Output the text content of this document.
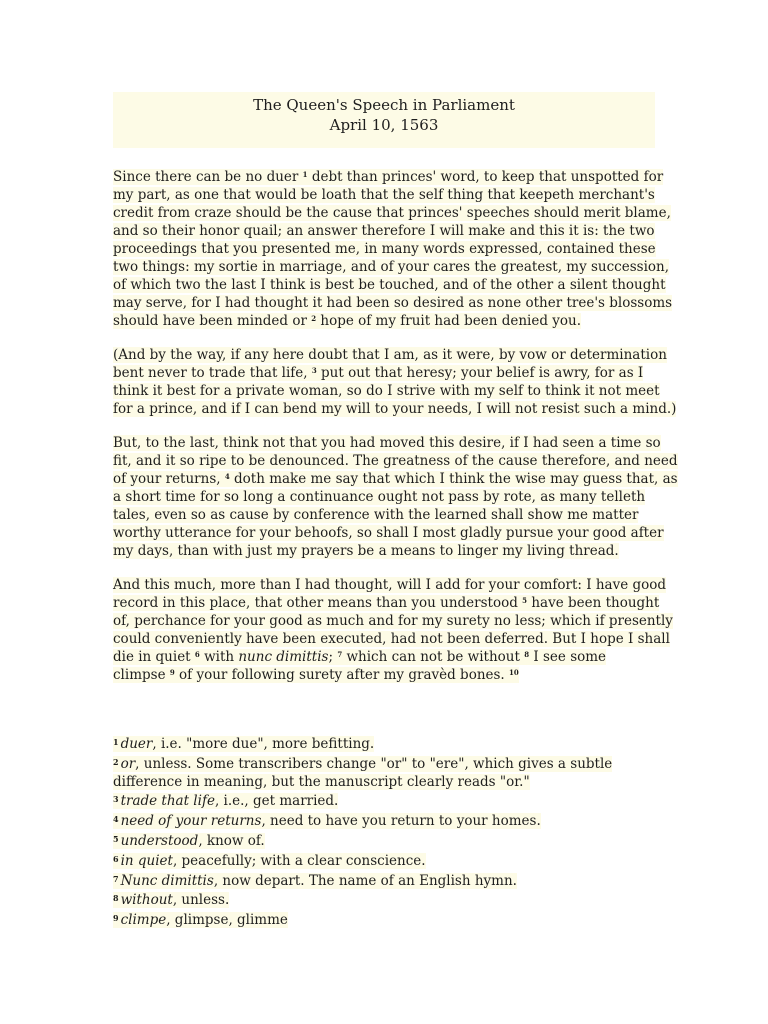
The Queen's Speech in Parliament
April 10, 1563
Since there can be no duer $^1$ debt than princes' word, to keep that unspotted for
my part, as one that would be loath that the self thing that keepeth merchant's
credit from craze should be the cause that princes' speeches should merit blame,
and so their honor quail; an answer therefore I will make and this it is: the two
proceedings that you presented me, in many words expressed, contained these
two things: my sortie in marriage, and of your cares the greatest, my succession,
of which two the last I think is best be touched, and of the other a silent thought
may serve, for I had thought it had been so desired as none other tree's blossoms
should have been minded or $^2$ hope of my fruit had been denied you.
(And by the way, if any here doubt that I am, as it were, by vow or determination
bent never to trade that life, $^3$ put out that heresy; your belief is awry, for as I
think it best for a private woman, so do I strive with my self to think it not meet
for a prince, and if I can bend my will to your needs, I will not resist such a mind.)
But, to the last, think not that you had moved this desire, if I had seen a time so
fit, and it so ripe to be denounced. The greatness of the cause therefore, and need
of your returns, $^4$ doth make me say that which I think the wise may guess that, as
a short time for so long a continuance ought not pass by rote, as many telleth
tales, even so as cause by conference with the learned shall show me matter
worthy utterance for your behoofs, so shall I most gladly pursue your good after
my days, than with just my prayers be a means to linger my living thread.
And this much, more than I had thought, will I add for your comfort: I have good
record in this place, that other means than you understood $^5$ have been thought
of, perchance for your good as much and for my surety no less; which if presently
could conveniently have been executed, had not been deferred. But I hope I shall
die in quiet $^6$ with nunc dimittis; $^7$ which can not be without $^8$ I see some
climpse $^9$ of your following surety after my gravèd bones. $^{10}$
$^1$ duer, i.e. "more due", more befitting.
$^2$ or, unless. Some transcribers change "or" to "ere", which gives a subtle
difference in meaning, but the manuscript clearly reads "or."
$^3$ trade that life, i.e., get married.
$^4$ need of your returns, need to have you return to your homes.
$^5$ understood, know of.
$^6$ in quiet, peacefully; with a clear conscience.
$^7$ Nunc dimittis, now depart. The name of an English hymn.
$^8$ without, unless.
$^9$ climpe, glimpse, glimme
